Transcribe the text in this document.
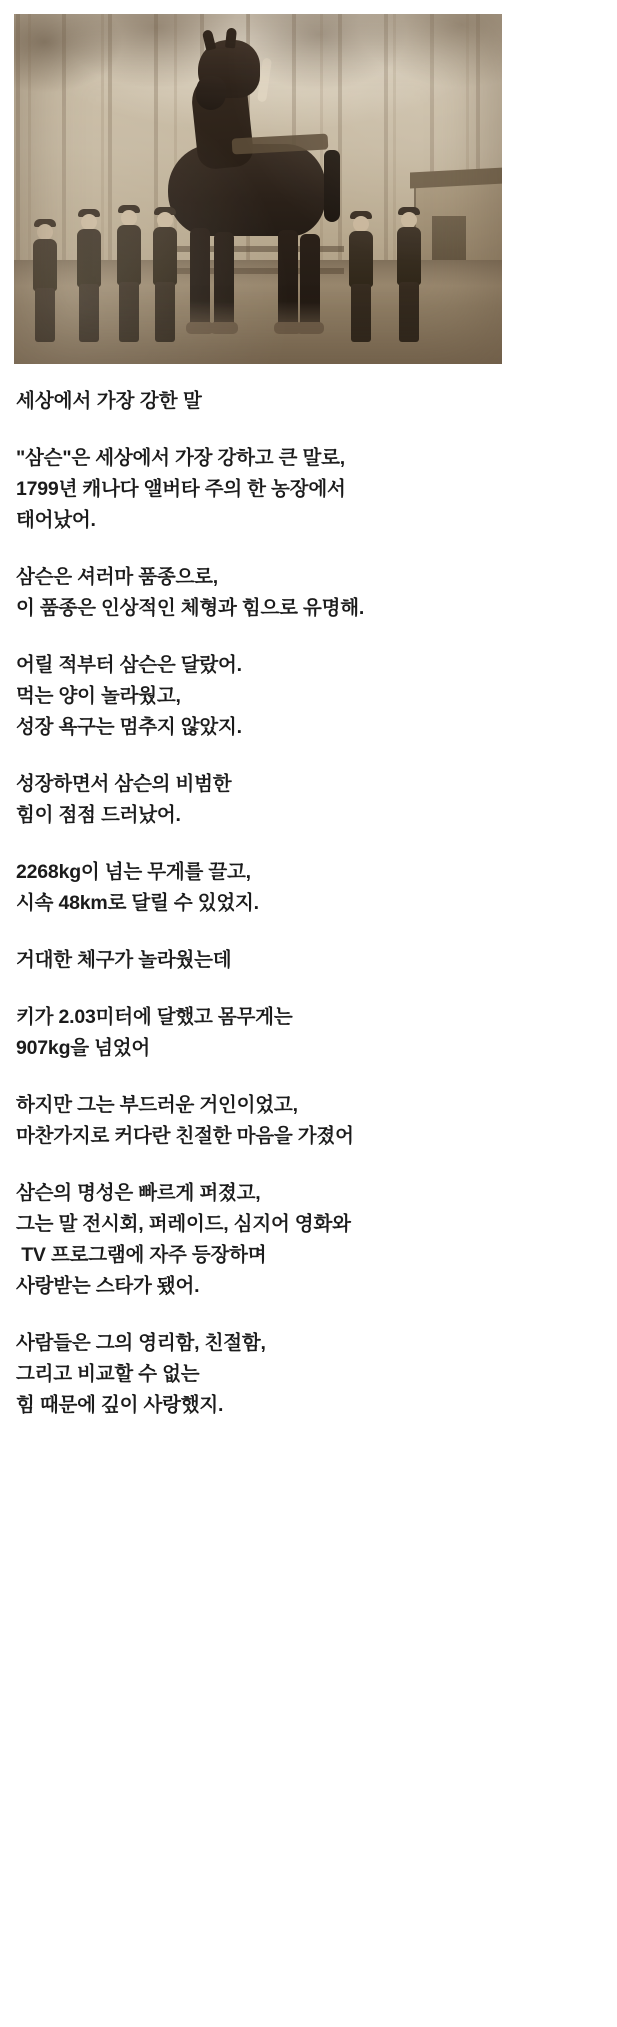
세상에서 가장 강한 말

"삼슨"은 세상에서 가장 강하고 큰 말로,
1799년 캐나다 앨버타 주의 한 농장에서
태어났어.

삼슨은 셔러마 품종으로,
이 품종은 인상적인 체형과 힘으로 유명해.

어릴 적부터 삼슨은 달랐어.
먹는 양이 놀라웠고,
성장 욕구는 멈추지 않았지.

성장하면서 삼슨의 비범한
힘이 점점 드러났어.

2268kg이 넘는 무게를 끌고,
시속 48km로 달릴 수 있었지.

거대한 체구가 놀라웠는데

키가 2.03미터에 달했고 몸무게는
907kg을 넘었어

하지만 그는 부드러운 거인이었고,
마찬가지로 커다란 친절한 마음을 가졌어

삼슨의 명성은 빠르게 퍼졌고,
그는 말 전시회, 퍼레이드, 심지어 영화와
TV 프로그램에 자주 등장하며
사랑받는 스타가 됐어.

사람들은 그의 영리함, 친절함,
그리고 비교할 수 없는
힘 때문에 깊이 사랑했지.
